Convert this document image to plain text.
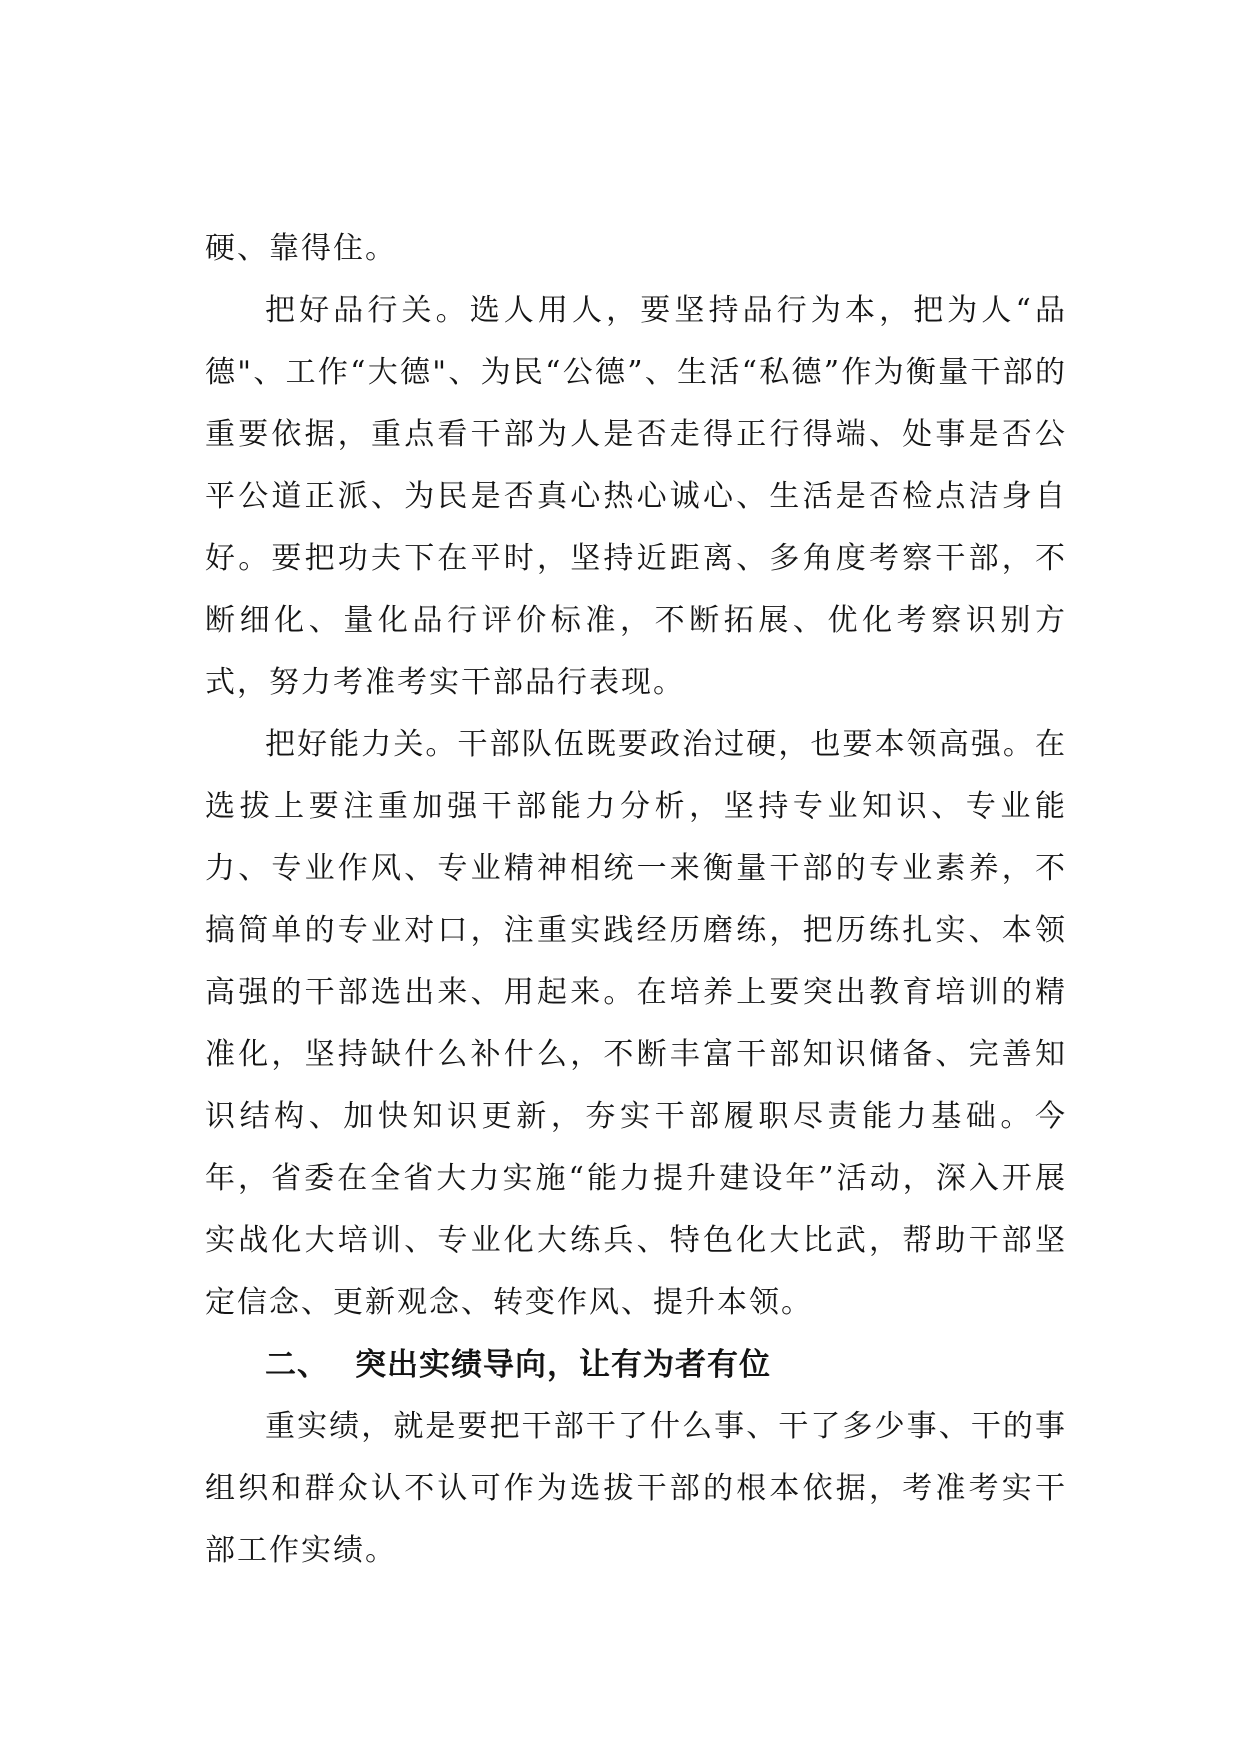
硬、靠得住。

把好品行关。选人用人，要坚持品行为本，把为人“品德"、工作“大德"、为民“公德”、生活“私德”作为衡量干部的重要依据，重点看干部为人是否走得正行得端、处事是否公平公道正派、为民是否真心热心诚心、生活是否检点洁身自好。要把功夫下在平时，坚持近距离、多角度考察干部，不断细化、量化品行评价标准，不断拓展、优化考察识别方式，努力考准考实干部品行表现。

把好能力关。干部队伍既要政治过硬，也要本领高强。在选拔上要注重加强干部能力分析，坚持专业知识、专业能力、专业作风、专业精神相统一来衡量干部的专业素养，不搞简单的专业对口，注重实践经历磨练，把历练扎实、本领高强的干部选出来、用起来。在培养上要突出教育培训的精准化，坚持缺什么补什么，不断丰富干部知识储备、完善知识结构、加快知识更新，夯实干部履职尽责能力基础。今年，省委在全省大力实施“能力提升建设年”活动，深入开展实战化大培训、专业化大练兵、特色化大比武，帮助干部坚定信念、更新观念、转变作风、提升本领。

二、 突出实绩导向，让有为者有位

重实绩，就是要把干部干了什么事、干了多少事、干的事组织和群众认不认可作为选拔干部的根本依据，考准考实干部工作实绩。
